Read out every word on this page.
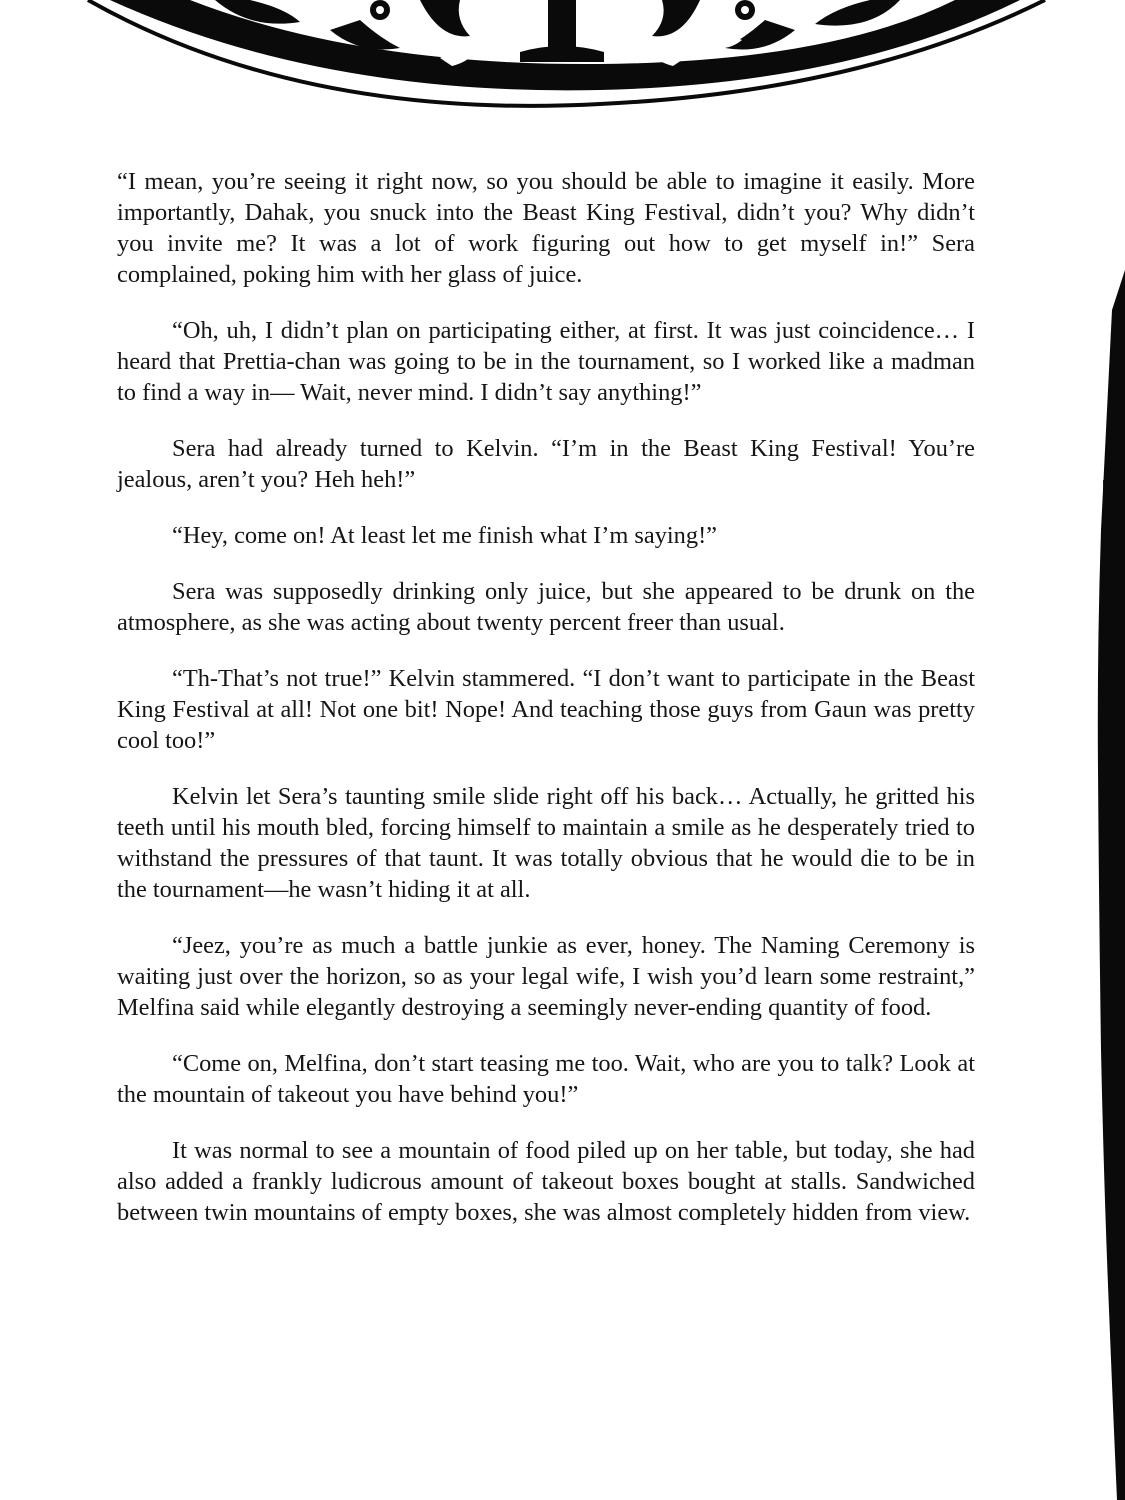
“I mean, you’re seeing it right now, so you should be able to imagine it easily. More importantly, Dahak, you snuck into the Beast King Festival, didn’t you? Why didn’t you invite me? It was a lot of work figuring out how to get myself in!” Sera complained, poking him with her glass of juice.

“Oh, uh, I didn’t plan on participating either, at first. It was just coincidence… I heard that Prettia-chan was going to be in the tournament, so I worked like a madman to find a way in— Wait, never mind. I didn’t say anything!”

Sera had already turned to Kelvin. “I’m in the Beast King Festival! You’re jealous, aren’t you? Heh heh!”

“Hey, come on! At least let me finish what I’m saying!”

Sera was supposedly drinking only juice, but she appeared to be drunk on the atmosphere, as she was acting about twenty percent freer than usual.

“Th-That’s not true!” Kelvin stammered. “I don’t want to participate in the Beast King Festival at all! Not one bit! Nope! And teaching those guys from Gaun was pretty cool too!”

Kelvin let Sera’s taunting smile slide right off his back… Actually, he gritted his teeth until his mouth bled, forcing himself to maintain a smile as he desperately tried to withstand the pressures of that taunt. It was totally obvious that he would die to be in the tournament—he wasn’t hiding it at all.

“Jeez, you’re as much a battle junkie as ever, honey. The Naming Ceremony is waiting just over the horizon, so as your legal wife, I wish you’d learn some restraint,” Melfina said while elegantly destroying a seemingly never-ending quantity of food.

“Come on, Melfina, don’t start teasing me too. Wait, who are you to talk? Look at the mountain of takeout you have behind you!”

It was normal to see a mountain of food piled up on her table, but today, she had also added a frankly ludicrous amount of takeout boxes bought at stalls. Sandwiched between twin mountains of empty boxes, she was almost completely hidden from view.
